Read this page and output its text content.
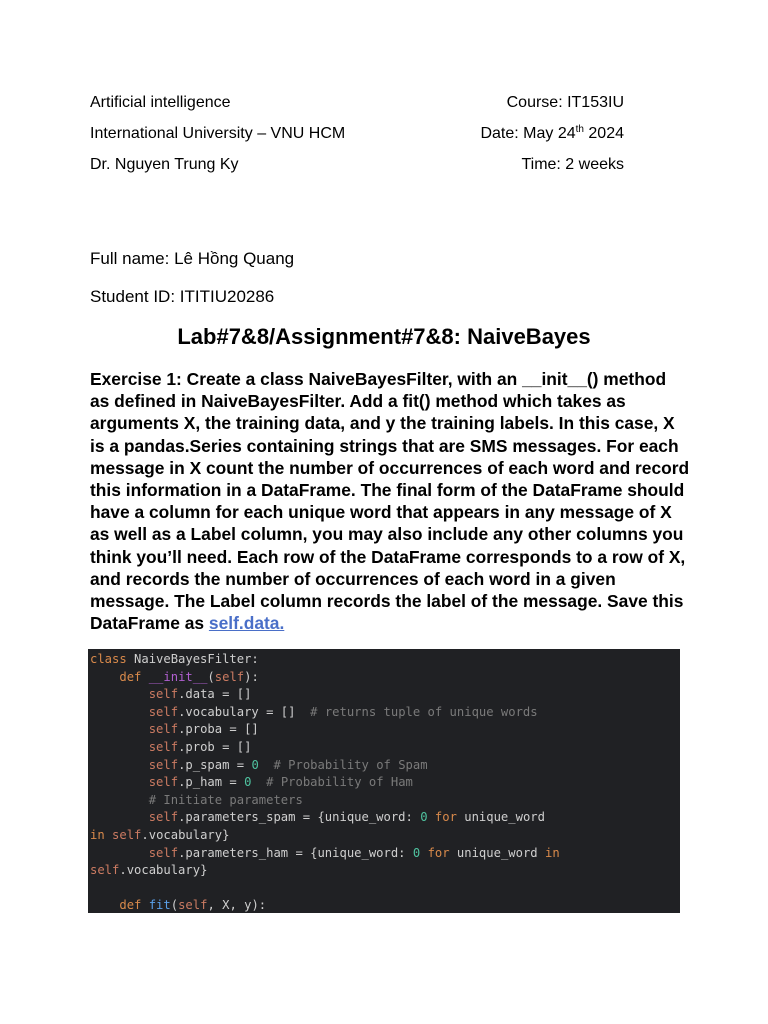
Artificial intelligence	Course: IT153IU
International University – VNU HCM	Date: May 24th 2024
Dr. Nguyen Trung Ky	Time: 2 weeks
Full name: Lê Hồng Quang
Student ID: ITITIU20286
Lab#7&8/Assignment#7&8: NaiveBayes
Exercise 1: Create a class NaiveBayesFilter, with an __init__() method as defined in NaiveBayesFilter. Add a fit() method which takes as arguments X, the training data, and y the training labels. In this case, X is a pandas.Series containing strings that are SMS messages. For each message in X count the number of occurrences of each word and record this information in a DataFrame. The final form of the DataFrame should have a column for each unique word that appears in any message of X as well as a Label column, you may also include any other columns you think you’ll need. Each row of the DataFrame corresponds to a row of X, and records the number of occurrences of each word in a given message. The Label column records the label of the message. Save this DataFrame as self.data.
class NaiveBayesFilter:
def __init__(self):
self.data = []
self.vocabulary = []  # returns tuple of unique words
self.proba = []
self.prob = []
self.p_spam = 0 # Probability of Spam
self.p_ham = 0 # Probability of Ham
# Initiate parameters
self.parameters_spam = {unique_word: 0 for unique_word
in self.vocabulary}
self.parameters_ham = {unique_word: 0 for unique_word in
self.vocabulary}

def fit(self, X, y):
